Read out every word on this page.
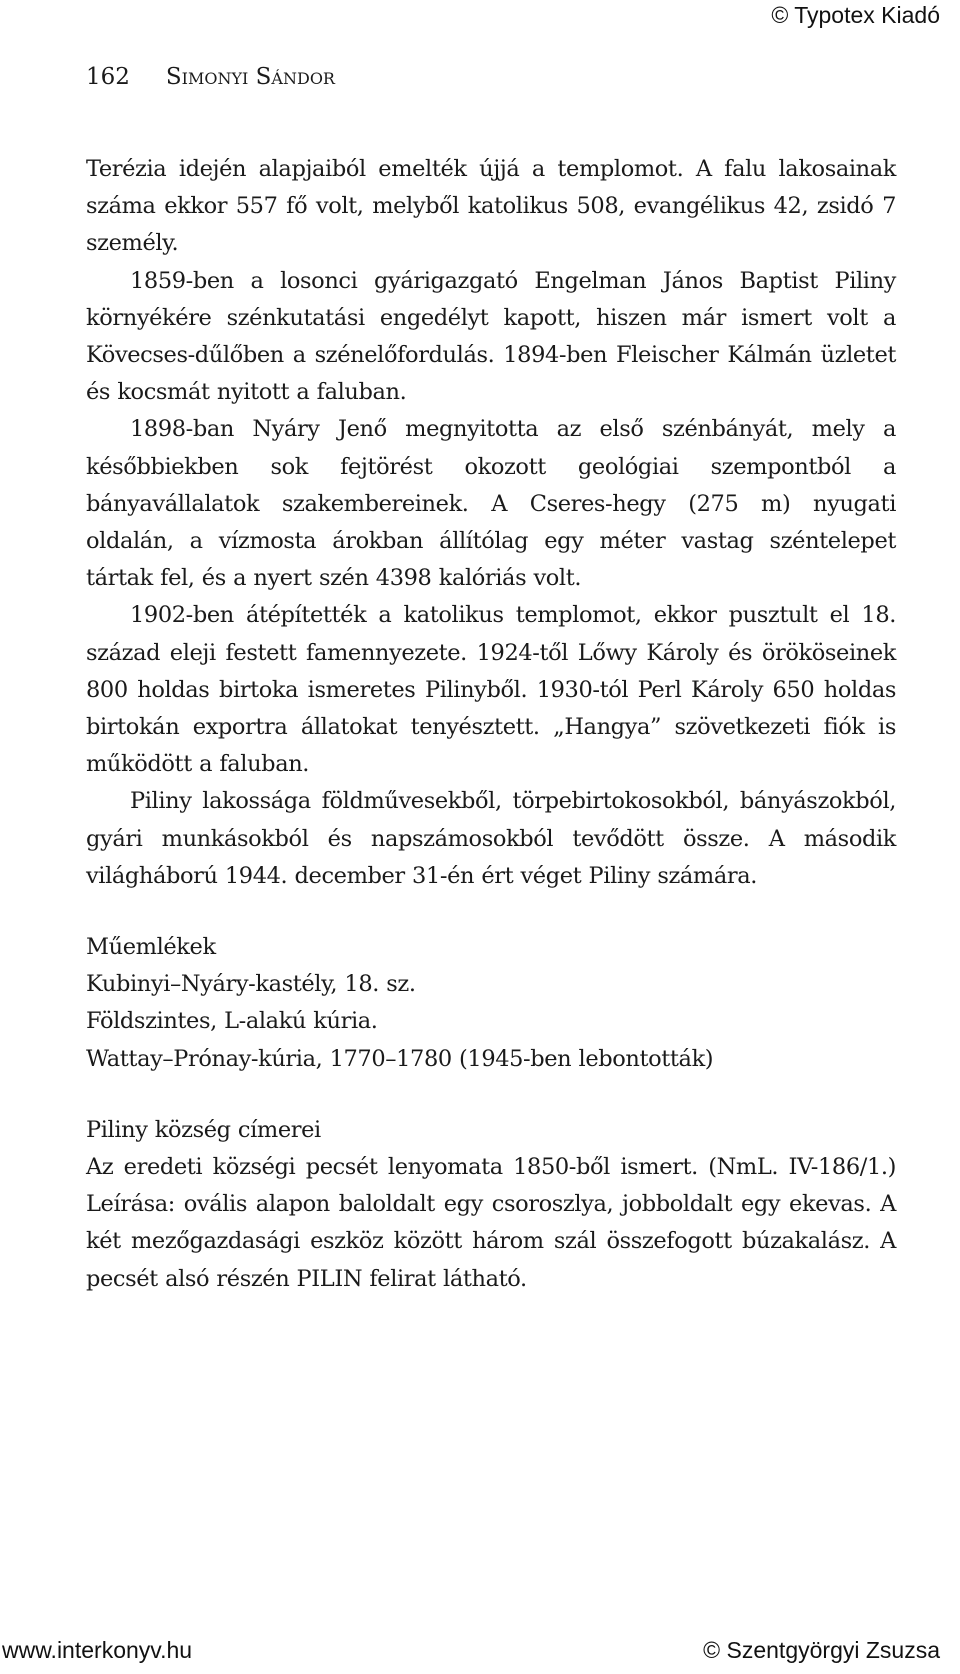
© Typotex Kiadó
162 Simonyi Sándor

Terézia idején alapjaiból emelték újjá a templomot. A falu lakosainak száma ekkor 557 fő volt, melyből katolikus 508, evangélikus 42, zsidó 7 személy.

1859-ben a losonci gyárigazgató Engelman János Baptist Piliny környékére szénkutatási engedélyt kapott, hiszen már ismert volt a Kövecses-dűlőben a szénelőfordulás. 1894-ben Fleischer Kálmán üzletet és kocsmát nyitott a faluban.

1898-ban Nyáry Jenő megnyitotta az első szénbányát, mely a későbbiekben sok fejtörést okozott geológiai szempontból a bányavállalatok szakembereinek. A Cseres-hegy (275 m) nyugati oldalán, a vízmosta árokban állítólag egy méter vastag széntelepet tártak fel, és a nyert szén 4398 kalóriás volt.

1902-ben átépítették a katolikus templomot, ekkor pusztult el 18. század eleji festett famennyezete. 1924-től Lőwy Károly és örököseinek 800 holdas birtoka ismeretes Pilinyből. 1930-tól Perl Károly 650 holdas birtokán exportra állatokat tenyésztett. „Hangya” szövetkezeti fiók is működött a faluban.

Piliny lakossága földművesekből, törpebirtokosokból, bányászokból, gyári munkásokból és napszámosokból tevődött össze. A második világháború 1944. december 31-én ért véget Piliny számára.

Műemlékek

Kubinyi–Nyáry-kastély, 18. sz.

Földszintes, L-alakú kúria.

Wattay–Prónay-kúria, 1770–1780 (1945-ben lebontották)

Piliny község címerei

Az eredeti községi pecsét lenyomata 1850-ből ismert. (NmL. IV-186/1.) Leírása: ovális alapon baloldalt egy csoroszlya, jobboldalt egy ekevas. A két mezőgazdasági eszköz között három szál összefogott búzakalász. A pecsét alsó részén PILIN felirat látható.

www.interkonyv.hu	© Szentgyörgyi Zsuzsa
